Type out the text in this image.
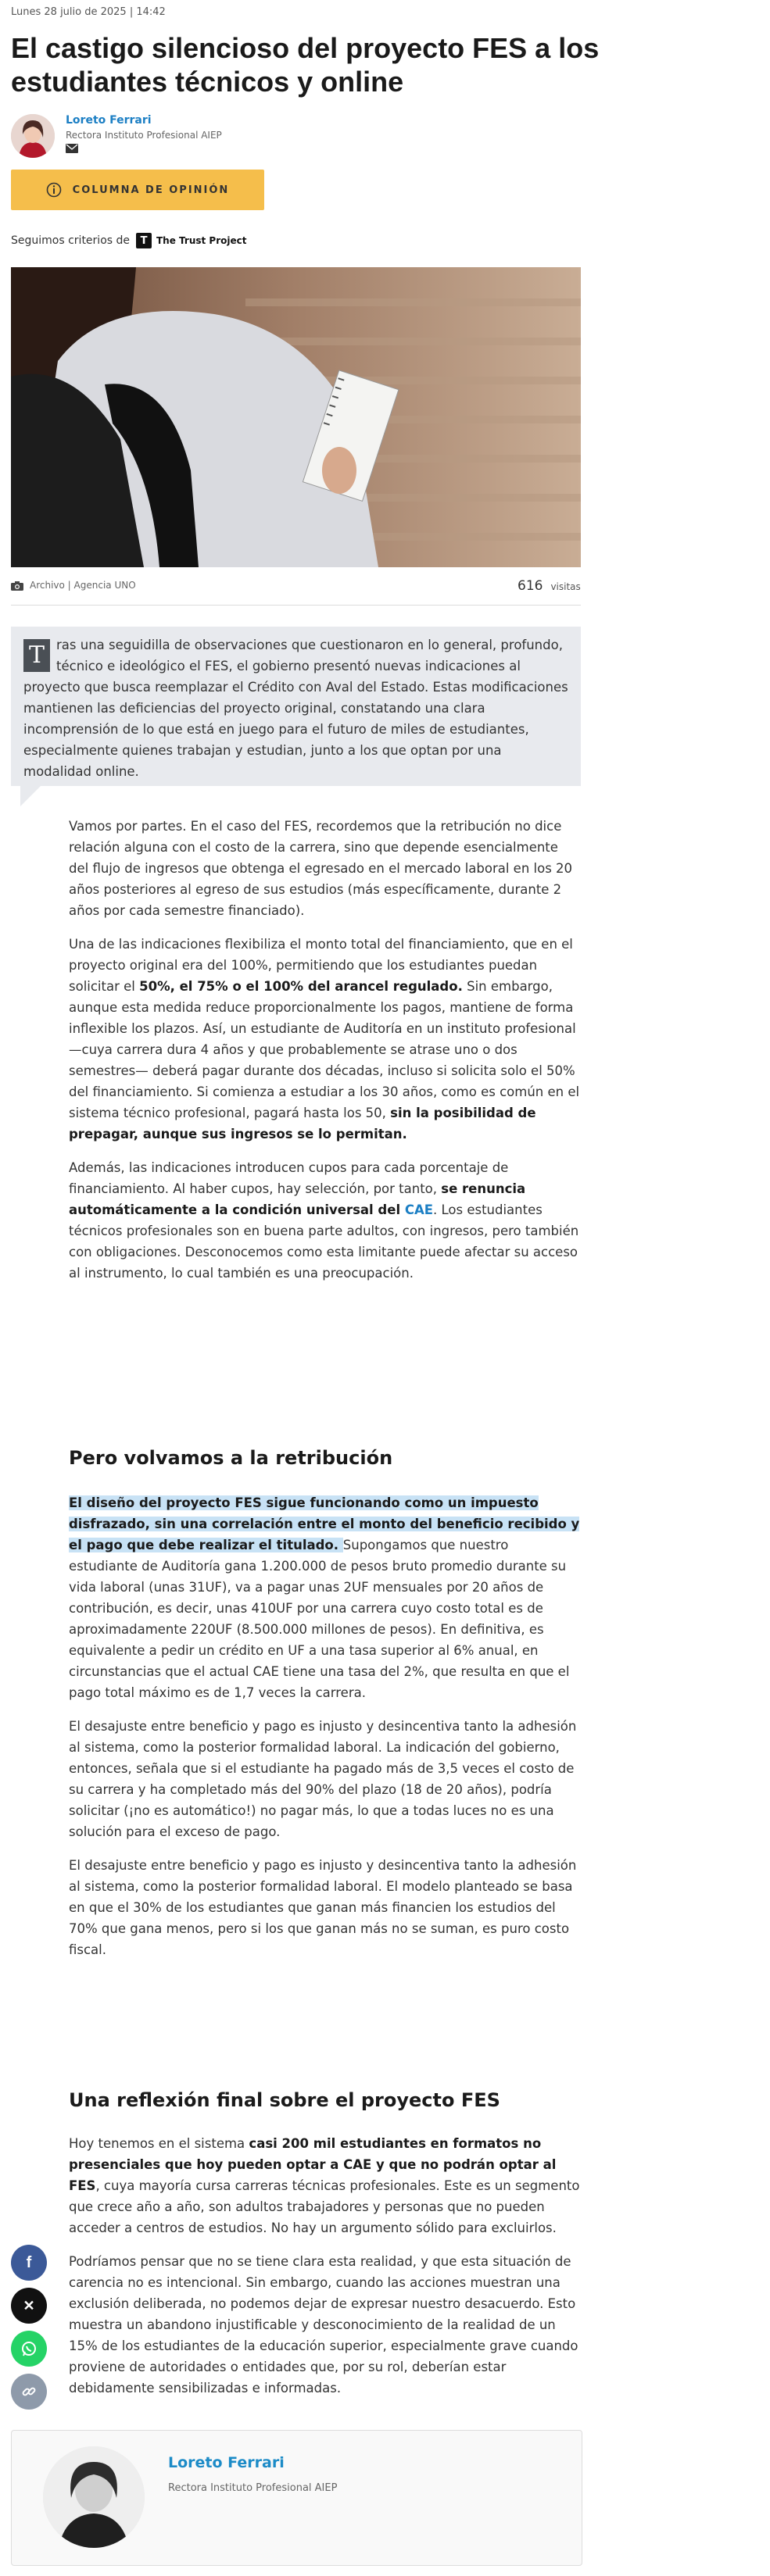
Lunes 28 julio de 2025 | 14:42
El castigo silencioso del proyecto FES a los estudiantes técnicos y online
Loreto Ferrari
Rectora Instituto Profesional AIEP
COLUMNA DE OPINIÓN
Seguimos criterios de	T The Trust Project
Archivo | Agencia UNO	616 visitas

T ras una seguidilla de observaciones que cuestionaron en lo general, profundo, técnico e ideológico el FES, el gobierno presentó nuevas indicaciones al proyecto que busca reemplazar el Crédito con Aval del Estado. Estas modificaciones mantienen las deficiencias del proyecto original, constatando una clara incomprensión de lo que está en juego para el futuro de miles de estudiantes, especialmente quienes trabajan y estudian, junto a los que optan por una modalidad online.

Vamos por partes. En el caso del FES, recordemos que la retribución no dice relación alguna con el costo de la carrera, sino que depende esencialmente del flujo de ingresos que obtenga el egresado en el mercado laboral en los 20 años posteriores al egreso de sus estudios (más específicamente, durante 2 años por cada semestre financiado).

Una de las indicaciones flexibiliza el monto total del financiamiento, que en el proyecto original era del 100%, permitiendo que los estudiantes puedan solicitar el 50%, el 75% o el 100% del arancel regulado. Sin embargo, aunque esta medida reduce proporcionalmente los pagos, mantiene de forma inflexible los plazos. Así, un estudiante de Auditoría en un instituto profesional —cuya carrera dura 4 años y que probablemente se atrase uno o dos semestres— deberá pagar durante dos décadas, incluso si solicita solo el 50% del financiamiento. Si comienza a estudiar a los 30 años, como es común en el sistema técnico profesional, pagará hasta los 50, sin la posibilidad de prepagar, aunque sus ingresos se lo permitan.

Además, las indicaciones introducen cupos para cada porcentaje de financiamiento. Al haber cupos, hay selección, por tanto, se renuncia automáticamente a la condición universal del CAE. Los estudiantes técnicos profesionales son en buena parte adultos, con ingresos, pero también con obligaciones. Desconocemos como esta limitante puede afectar su acceso al instrumento, lo cual también es una preocupación.

Pero volvamos a la retribución

El diseño del proyecto FES sigue funcionando como un impuesto disfrazado, sin una correlación entre el monto del beneficio recibido y el pago que debe realizar el titulado. Supongamos que nuestro estudiante de Auditoría gana 1.200.000 de pesos bruto promedio durante su vida laboral (unas 31UF), va a pagar unas 2UF mensuales por 20 años de contribución, es decir, unas 410UF por una carrera cuyo costo total es de aproximadamente 220UF (8.500.000 millones de pesos). En definitiva, es equivalente a pedir un crédito en UF a una tasa superior al 6% anual, en circunstancias que el actual CAE tiene una tasa del 2%, que resulta en que el pago total máximo es de 1,7 veces la carrera.

El desajuste entre beneficio y pago es injusto y desincentiva tanto la adhesión al sistema, como la posterior formalidad laboral. La indicación del gobierno, entonces, señala que si el estudiante ha pagado más de 3,5 veces el costo de su carrera y ha completado más del 90% del plazo (18 de 20 años), podría solicitar (¡no es automático!) no pagar más, lo que a todas luces no es una solución para el exceso de pago.

El desajuste entre beneficio y pago es injusto y desincentiva tanto la adhesión al sistema, como la posterior formalidad laboral. El modelo planteado se basa en que el 30% de los estudiantes que ganan más financien los estudios del 70% que gana menos, pero si los que ganan más no se suman, es puro costo fiscal.

Una reflexión final sobre el proyecto FES

Hoy tenemos en el sistema casi 200 mil estudiantes en formatos no presenciales que hoy pueden optar a CAE y que no podrán optar al FES, cuya mayoría cursa carreras técnicas profesionales. Este es un segmento que crece año a año, son adultos trabajadores y personas que no pueden acceder a centros de estudios. No hay un argumento sólido para excluirlos.

Podríamos pensar que no se tiene clara esta realidad, y que esta situación de carencia no es intencional. Sin embargo, cuando las acciones muestran una exclusión deliberada, no podemos dejar de expresar nuestro desacuerdo. Esto muestra un abandono injustificable y desconocimiento de la realidad de un 15% de los estudiantes de la educación superior, especialmente grave cuando proviene de autoridades o entidades que, por su rol, deberían estar debidamente sensibilizadas e informadas.

f
✕
Loreto Ferrari
Rectora Instituto Profesional AIEP
